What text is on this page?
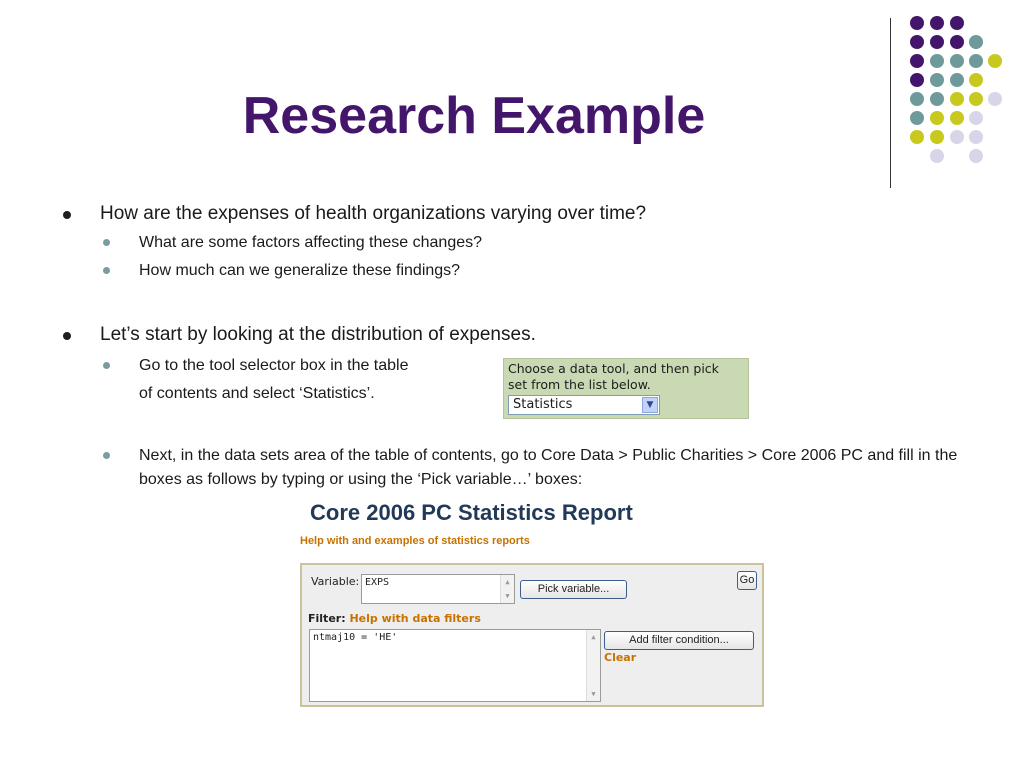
Research Example
How are the expenses of health organizations varying over time?
What are some factors affecting these changes?
How much can we generalize these findings?
Let’s start by looking at the distribution of expenses.
Go to the tool selector box in the table
of contents and select ‘Statistics’.
Next, in the data sets area of the table of contents, go to Core Data > Public Charities > Core 2006 PC and fill in the boxes as follows by typing or using the ‘Pick variable…’ boxes:
Choose a data tool, and then pick
set from the list below.
Statistics	▼
Core 2006 PC Statistics Report
Help with and examples of statistics reports
Variable: EXPS	▲
▼
Pick variable...
Go
Filter: Help with data filters
ntmaj10 = 'HE'	▲
▼
Add filter condition...
Clear
